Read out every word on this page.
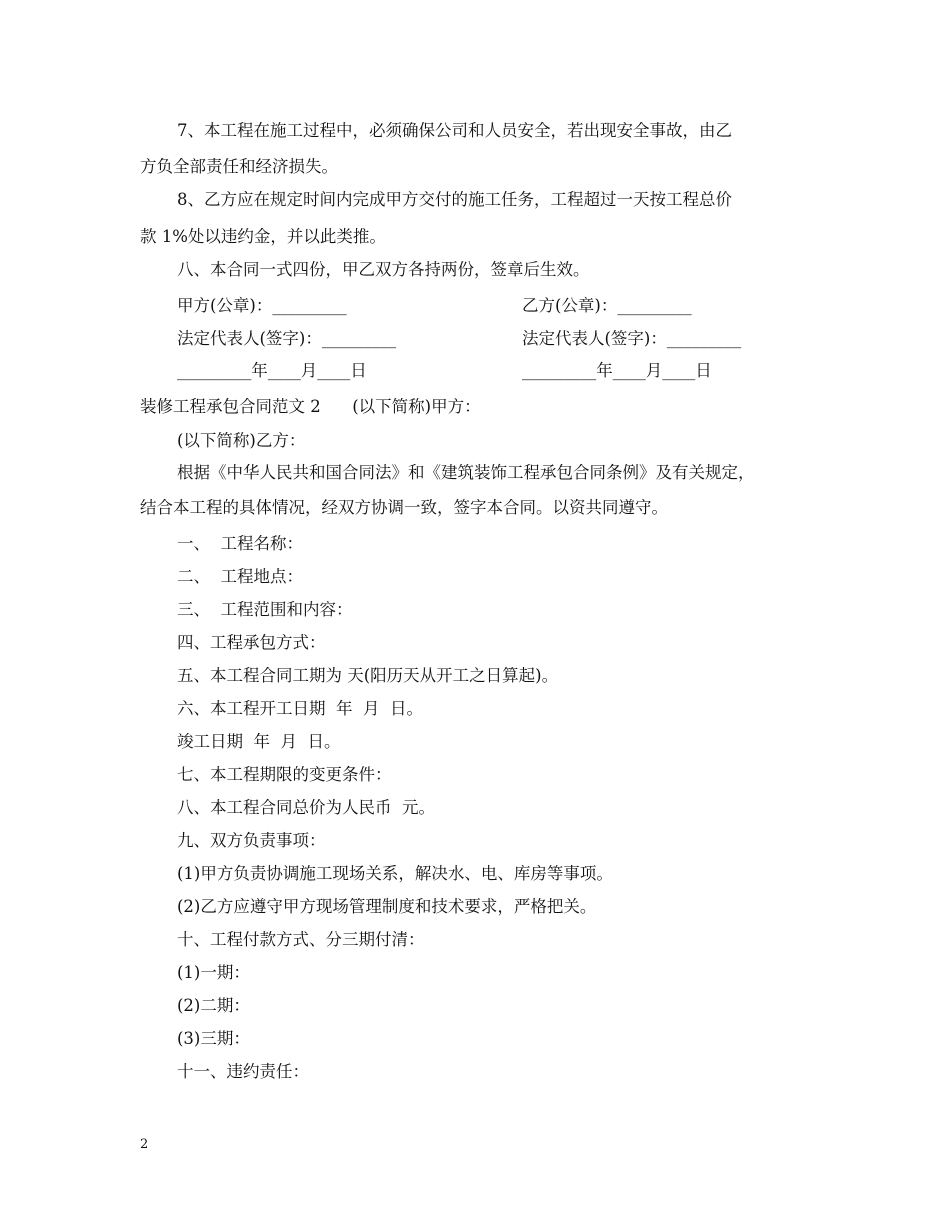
7、本工程在施工过程中，必须确保公司和人员安全，若出现安全事故，由乙
方负全部责任和经济损失。
8、乙方应在规定时间内完成甲方交付的施工任务，工程超过一天按工程总价
款 1%处以违约金，并以此类推。
八、本合同一式四份，甲乙双方各持两份，签章后生效。
甲方(公章)：_________	乙方(公章)：_________
法定代表人(签字)：_________	法定代表人(签字)：_________
_________年____月____日	_________年____月____日
装修工程承包合同范文 2      (以下简称)甲方：
(以下简称)乙方：
根据《中华人民共和国合同法》和《建筑装饰工程承包合同条例》及有关规定，
结合本工程的具体情况，经双方协调一致，签字本合同。以资共同遵守。
一、  工程名称：
二、  工程地点：
三、  工程范围和内容：
四、工程承包方式：
五、本工程合同工期为 天(阳历天从开工之日算起)。
六、本工程开工日期  年  月  日。
竣工日期  年  月  日。
七、本工程期限的变更条件：
八、本工程合同总价为人民币  元。
九、双方负责事项：
(1)甲方负责协调施工现场关系，解决水、电、库房等事项。
(2)乙方应遵守甲方现场管理制度和技术要求，严格把关。
十、工程付款方式、分三期付清：
(1)一期：
(2)二期：
(3)三期：
十一、违约责任：
2
